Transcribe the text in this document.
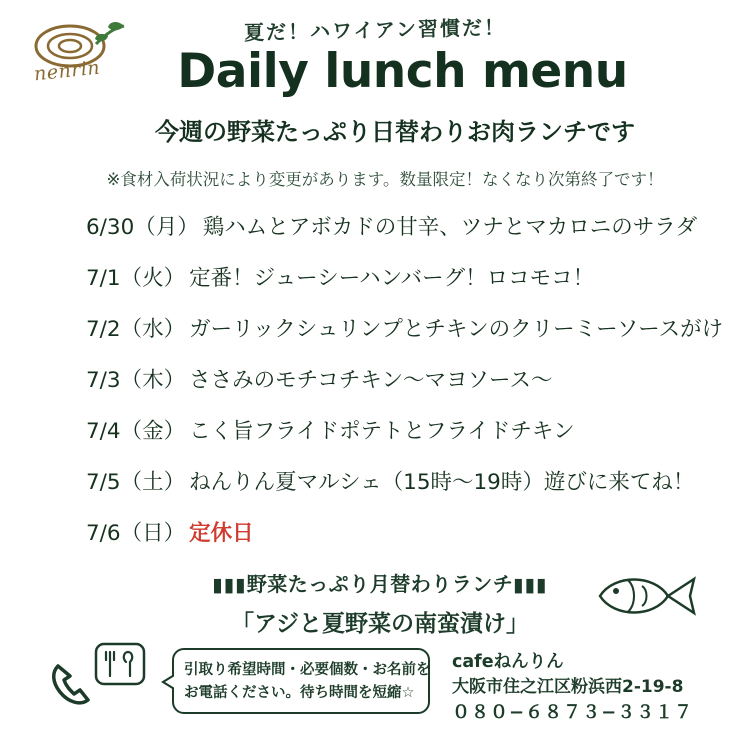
nenrin
夏だ！ハワイアン習慣だ！
Daily lunch menu
今週の野菜たっぷり日替わりお肉ランチです
※食材入荷状況により変更があります。数量限定！なくなり次第終了です！
6/30（月） 鶏ハムとアボカドの甘辛、ツナとマカロニのサラダ
7/1（火） 定番！ジューシーハンバーグ！ロコモコ！
7/2（水） ガーリックシュリンプとチキンのクリーミーソースがけ
7/3（木） ささみのモチコチキン〜マヨソース〜
7/4（金） こく旨フライドポテトとフライドチキン
7/5（土） ねんりん夏マルシェ（15時〜19時）遊びに来てね！
7/6（日） 定休日
▮▮▮野菜たっぷり月替わりランチ▮▮▮
「アジと夏野菜の南蛮漬け」
引取り希望時間・必要個数・お名前を
お電話ください。待ち時間を短縮☆
cafeねんりん
大阪市住之江区粉浜西2-19-8
０８０−６８７３−３３１７
